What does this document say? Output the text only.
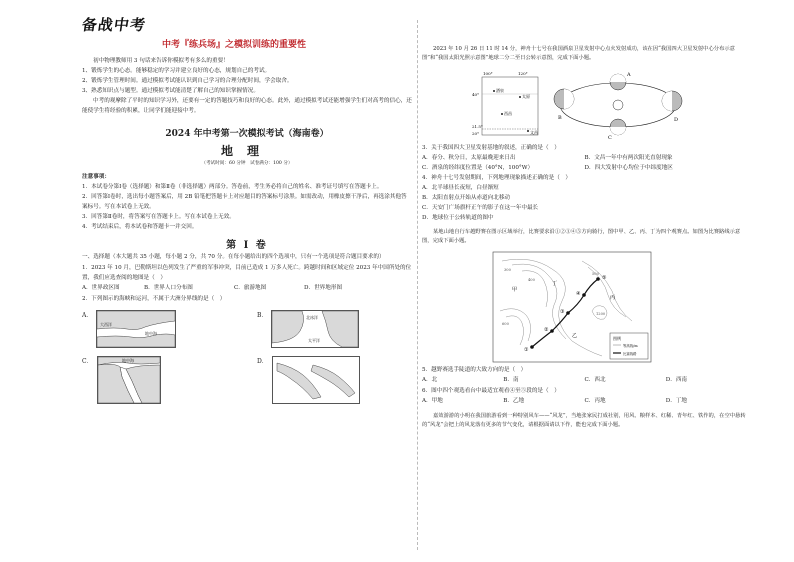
备战中考
中考『练兵场』之模拟训练的重要性

初中物理教师用 3 句话来告诉你模拟考有多么的重要！

1、锻炼学生的心态。能够稳定的学习并建立良好的心态，规划自己的考试。

2、锻炼学生管理时间。通过模拟考试能认识到自己学习的合理分配时间，学会取舍。

3、熟悉知识点与题型。通过模拟考试能清楚了解自己的知识掌握情况。

中考的观摩除了平时的知识学习外，还要有一定的答题技巧和良好的心态。此外，通过模拟考试还能增强学生们对高考的信心，还能使学生将经验的积累，让同学们能迎接中考。

2024 年中考第一次模拟考试（海南卷）
地理
（考试时间：60 分钟　试卷满分：100 分）
注意事项：

1．本试卷分第Ⅰ卷（选择题）和第Ⅱ卷（非选择题）两部分。答卷前，考生务必将自己的姓名、准考证号填写在答题卡上。

2．回答第Ⅰ卷时，选出每小题答案后，用 2B 铅笔把答题卡上对应题目的答案标号涂黑。如需改动，用橡皮擦干净后，再选涂其他答案标号。写在本试卷上无效。

3．回答第Ⅱ卷时，将答案写在答题卡上。写在本试卷上无效。

4．考试结束后，将本试卷和答题卡一并交回。

第 Ⅰ 卷
一、选择题（本大题共 35 小题，每小题 2 分，共 70 分。在每小题给出的四个选项中，只有一个选项是符合题目要求的）

1．2023 年 10 月，巴勒斯坦以色列发生了严重的军事冲突，目前已造成 1 万多人死亡。跨越时间和区域定位 2023 年中国所处的位置，我们应选查阅的地图是（　）

A．世界政区图	B．世界人口分布图	C．旅游地图	D．世界地形图

2．下列图示的海峡和运河，不属于大洲分界线的是（　）

A．
大西洋
地中海
B．	北冰洋
太平洋
C．	地中海	D．

2023 年 10 月 26 日 11 时 14 分，神舟十七号在我国酒泉卫星发射中心点火发射成功，该在因“我国四大卫星发射中心分布示意图”和“我国太阳光照示意图”地球二分二至日公转示意图，完成下面小题。

100°	120°
40°
21.5°
20°
酒泉
太原
西昌
文昌
A
B
C
D

3．关于我国四大卫星发射基地的叙述，正确的是（　）

A．春分、秋分日，太原最晚迎来日出	B．文昌一年中有两次阳光直射现象
C．酒泉的经纬度位置是（40°N，100°W）	D．四大发射中心均位于中纬度地区

4．神舟十七号发射期间，下列地理现象描述正确的是（　）

A．北半球昼长夜短，白昼渐短

B．太阳直射点开始从赤道向北移动

C．天安门广场旗杆正午的影子在这一年中最长

D．地球位于公转轨道的图中

某地山地自行车越野赛在图示区域举行，比赛要求沿①②③④⑤方向骑行，图中甲、乙、丙、丁为四个观赛点。如图为比赛路线示意图，完成下面小题。

①
②
③
④
⑤
甲
乙
丙
丁
300
400
500
600
1200
图例
等高线/m
比赛线路

5．越野赛选手陡道的大致方向的是（　）

A．北	B．南	C．西北	D．西南

6．图中四个观选看台中最适宜观看④至⑤段的是（　）

A．甲地	B．乙地	C．丙地	D．丁地

嘉效游游的小明在我国旅游看到一种特别风车——“风龙”，当地张家民打成社别，用风、粮样本、红稀、青年红、铁作的，在空中悬转的“风龙”会把上的风龙落有更多的节气变化，请根据面请以下作，能也完成下面小题。
